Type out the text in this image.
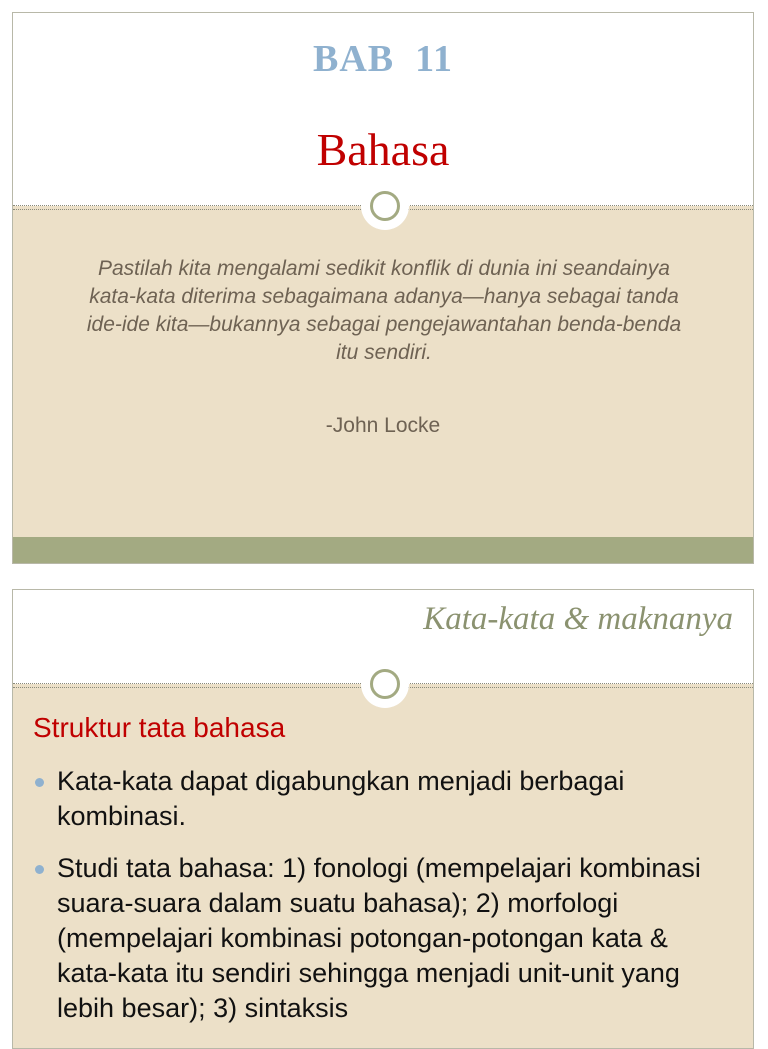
BAB  11
Bahasa
Pastilah kita mengalami sedikit konflik di dunia ini seandainya kata-kata diterima sebagaimana adanya—hanya sebagai tanda ide-ide kita—bukannya sebagai pengejawantahan benda-benda itu sendiri.
-John Locke
Kata-kata & maknanya
Struktur tata bahasa
Kata-kata dapat digabungkan menjadi berbagai kombinasi.
Studi tata bahasa: 1) fonologi (mempelajari kombinasi suara-suara dalam suatu bahasa); 2) morfologi (mempelajari kombinasi potongan-potongan kata & kata-kata itu sendiri sehingga menjadi unit-unit yang lebih besar); 3) sintaksis
